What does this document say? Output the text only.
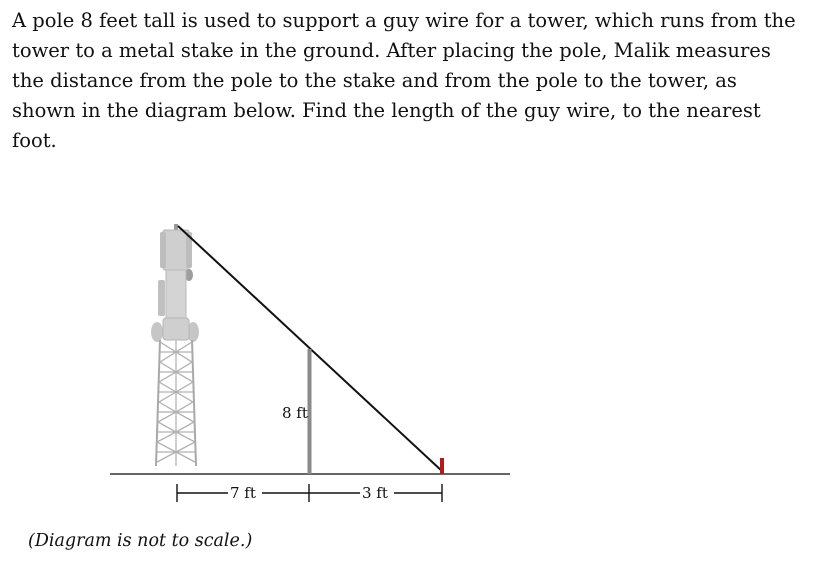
A pole 8 feet tall is used to support a guy wire for a tower, which runs from the tower to a metal stake in the ground. After placing the pole, Malik measures the distance from the pole to the stake and from the pole to the tower, as shown in the diagram below. Find the length of the guy wire, to the nearest foot.

8 ft
7 ft	3 ft

(Diagram is not to scale.)
